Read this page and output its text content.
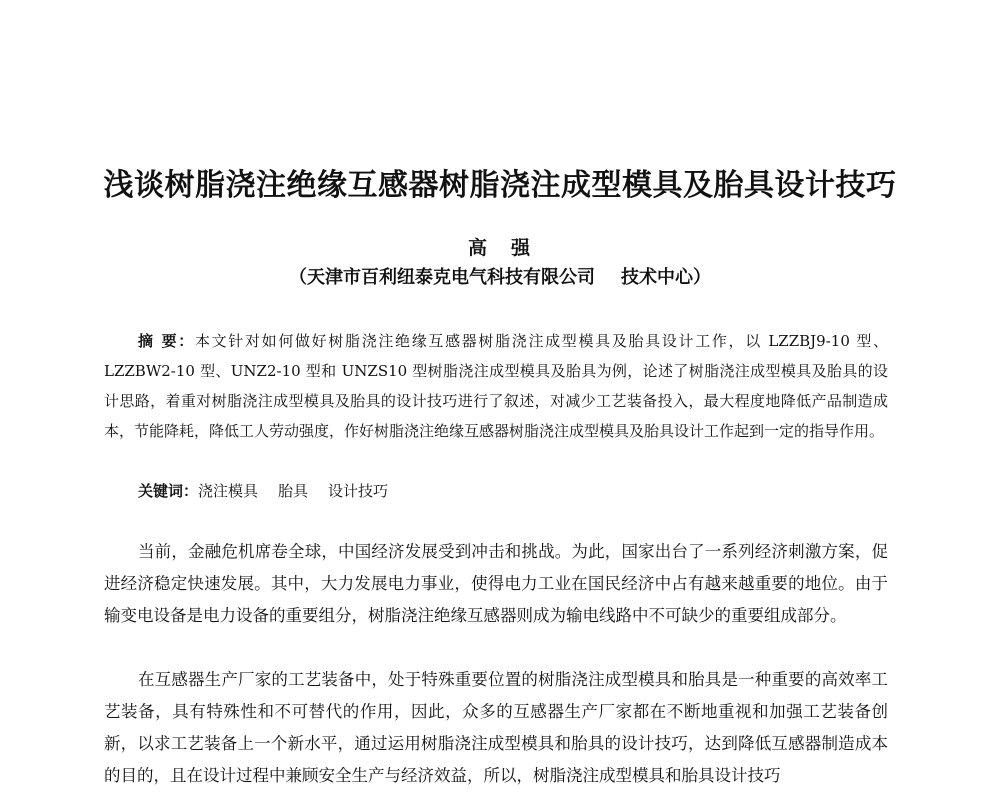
浅谈树脂浇注绝缘互感器树脂浇注成型模具及胎具设计技巧
高 强
（天津市百利纽泰克电气科技有限公司 技术中心）

摘 要：本文针对如何做好树脂浇注绝缘互感器树脂浇注成型模具及胎具设计工作，以 LZZBJ9-10 型、LZZBW2-10 型、UNZ2-10 型和 UNZS10 型树脂浇注成型模具及胎具为例，论述了树脂浇注成型模具及胎具的设计思路，着重对树脂浇注成型模具及胎具的设计技巧进行了叙述，对减少工艺装备投入，最大程度地降低产品制造成本，节能降耗，降低工人劳动强度，作好树脂浇注绝缘互感器树脂浇注成型模具及胎具设计工作起到一定的指导作用。

关键词：浇注模具 胎具 设计技巧

当前，金融危机席卷全球，中国经济发展受到冲击和挑战。为此，国家出台了一系列经济刺激方案，促进经济稳定快速发展。其中，大力发展电力事业，使得电力工业在国民经济中占有越来越重要的地位。由于输变电设备是电力设备的重要组分，树脂浇注绝缘互感器则成为输电线路中不可缺少的重要组成部分。

在互感器生产厂家的工艺装备中，处于特殊重要位置的树脂浇注成型模具和胎具是一种重要的高效率工艺装备，具有特殊性和不可替代的作用，因此，众多的互感器生产厂家都在不断地重视和加强工艺装备创新，以求工艺装备上一个新水平，通过运用树脂浇注成型模具和胎具的设计技巧，达到降低互感器制造成本的目的，且在设计过程中兼顾安全生产与经济效益，所以，树脂浇注成型模具和胎具设计技巧
